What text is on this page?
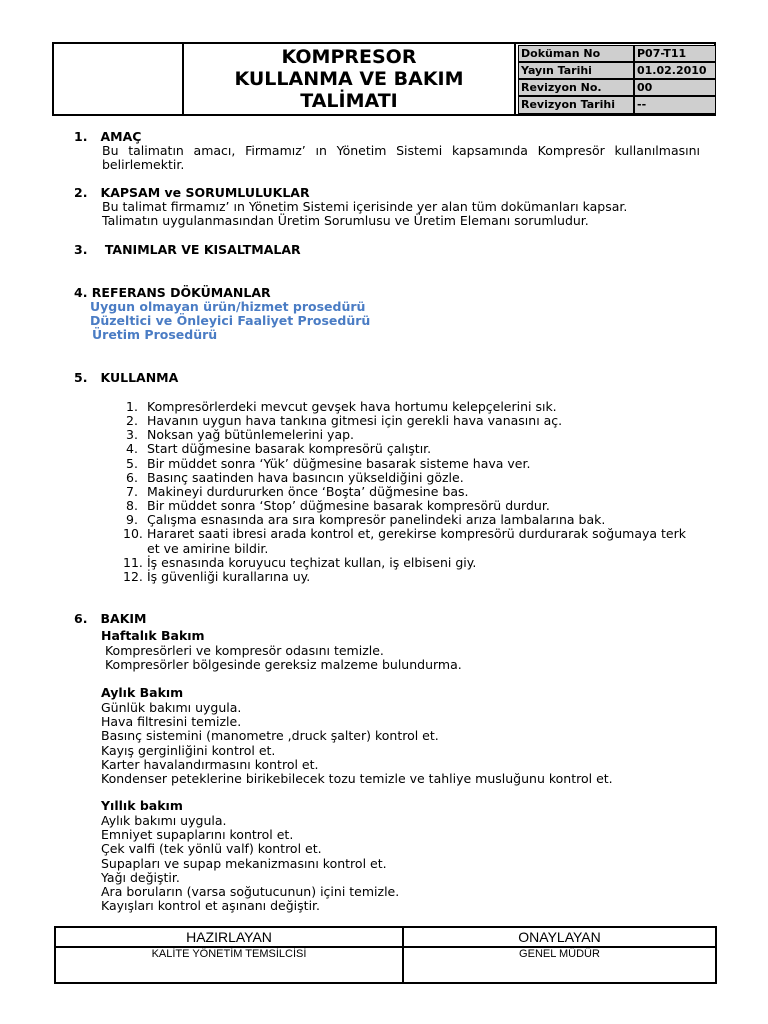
KOMPRESOR
KULLANMA VE BAKIM
TALİMATI
Doküman No	P07-T11
Yayın Tarihi	01.02.2010
Revizyon No.	00
Revizyon Tarihi	--
1.   AMAÇ
Bu talimatın amacı, Firmamız’ ın Yönetim Sistemi kapsamında Kompresör kullanılmasını
belirlemektir.
2.   KAPSAM ve SORUMLULUKLAR
Bu talimat firmamız’ ın Yönetim Sistemi içerisinde yer alan tüm dokümanları kapsar.
Talimatın uygulanmasından Üretim Sorumlusu ve Üretim Elemanı sorumludur.
3.    TANIMLAR VE KISALTMALAR
4. REFERANS DÖKÜMANLAR
Uygun olmayan ürün/hizmet prosedürü
Düzeltici ve Önleyici Faaliyet Prosedürü
Üretim Prosedürü
5.   KULLANMA
1. Kompresörlerdeki mevcut gevşek hava hortumu kelepçelerini sık.
2. Havanın uygun hava tankına gitmesi için gerekli hava vanasını aç.
3. Noksan yağ bütünlemelerini yap.
4. Start düğmesine basarak kompresörü çalıştır.
5. Bir müddet sonra ‘Yük’ düğmesine basarak sisteme hava ver.
6. Basınç saatinden hava basıncın yükseldiğini gözle.
7. Makineyi durdururken önce ‘Boşta’ düğmesine bas.
8. Bir müddet sonra ‘Stop’ düğmesine basarak kompresörü durdur.
9. Çalışma esnasında ara sıra kompresör panelindeki arıza lambalarına bak.
10. Hararet saati ibresi arada kontrol et, gerekirse kompresörü durdurarak soğumaya terk
et ve amirine bildir.
11. İş esnasında koruyucu teçhizat kullan, iş elbiseni giy.
12. İş güvenliği kurallarına uy.
6.   BAKIM
Haftalık Bakım
Kompresörleri ve kompresör odasını temizle.
Kompresörler bölgesinde gereksiz malzeme bulundurma.
Aylık Bakım
Günlük bakımı uygula.
Hava filtresini temizle.
Basınç sistemini (manometre ,druck şalter) kontrol et.
Kayış gerginliğini kontrol et.
Karter havalandırmasını kontrol et.
Kondenser peteklerine birikebilecek tozu temizle ve tahliye musluğunu kontrol et.
Yıllık bakım
Aylık bakımı uygula.
Emniyet supaplarını kontrol et.
Çek valfi (tek yönlü valf) kontrol et.
Supapları ve supap mekanizmasını kontrol et.
Yağı değiştir.
Ara boruların (varsa soğutucunun) içini temizle.
Kayışları kontrol et aşınanı değiştir.
HAZIRLAYAN	ONAYLAYAN
KALİTE YÖNETİM TEMSİLCİSİ	GENEL MÜDÜR
